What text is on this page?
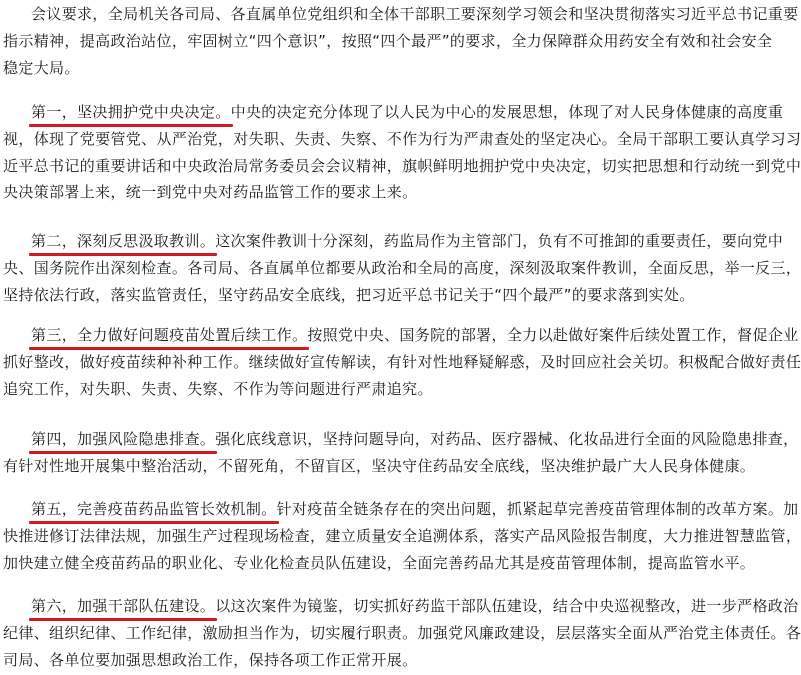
会议要求，全局机关各司局、各直属单位党组织和全体干部职工要深刻学习领会和坚决贯彻落实习近平总书记重要
指示精神，提高政治站位，牢固树立“四个意识”，按照“四个最严”的要求，全力保障群众用药安全有效和社会安全
稳定大局。
第一，坚决拥护党中央决定。中央的决定充分体现了以人民为中心的发展思想，体现了对人民身体健康的高度重
视，体现了党要管党、从严治党，对失职、失责、失察、不作为行为严肃查处的坚定决心。全局干部职工要认真学习习
近平总书记的重要讲话和中央政治局常务委员会会议精神，旗帜鲜明地拥护党中央决定，切实把思想和行动统一到党中
央决策部署上来，统一到党中央对药品监管工作的要求上来。
第二，深刻反思汲取教训。这次案件教训十分深刻，药监局作为主管部门，负有不可推卸的重要责任，要向党中
央、国务院作出深刻检查。各司局、各直属单位都要从政治和全局的高度，深刻汲取案件教训，全面反思，举一反三，
坚持依法行政，落实监管责任，坚守药品安全底线，把习近平总书记关于“四个最严”的要求落到实处。
第三，全力做好问题疫苗处置后续工作。按照党中央、国务院的部署，全力以赴做好案件后续处置工作，督促企业
抓好整改，做好疫苗续种补种工作。继续做好宣传解读，有针对性地释疑解惑，及时回应社会关切。积极配合做好责任
追究工作，对失职、失责、失察、不作为等问题进行严肃追究。
第四，加强风险隐患排查。强化底线意识，坚持问题导向，对药品、医疗器械、化妆品进行全面的风险隐患排查，
有针对性地开展集中整治活动，不留死角，不留盲区，坚决守住药品安全底线，坚决维护最广大人民身体健康。
第五，完善疫苗药品监管长效机制。针对疫苗全链条存在的突出问题，抓紧起草完善疫苗管理体制的改革方案。加
快推进修订法律法规，加强生产过程现场检查，建立质量安全追溯体系，落实产品风险报告制度，大力推进智慧监管，
加快建立健全疫苗药品的职业化、专业化检查员队伍建设，全面完善药品尤其是疫苗管理体制，提高监管水平。
第六，加强干部队伍建设。以这次案件为镜鉴，切实抓好药监干部队伍建设，结合中央巡视整改，进一步严格政治
纪律、组织纪律、工作纪律，激励担当作为，切实履行职责。加强党风廉政建设，层层落实全面从严治党主体责任。各
司局、各单位要加强思想政治工作，保持各项工作正常开展。
